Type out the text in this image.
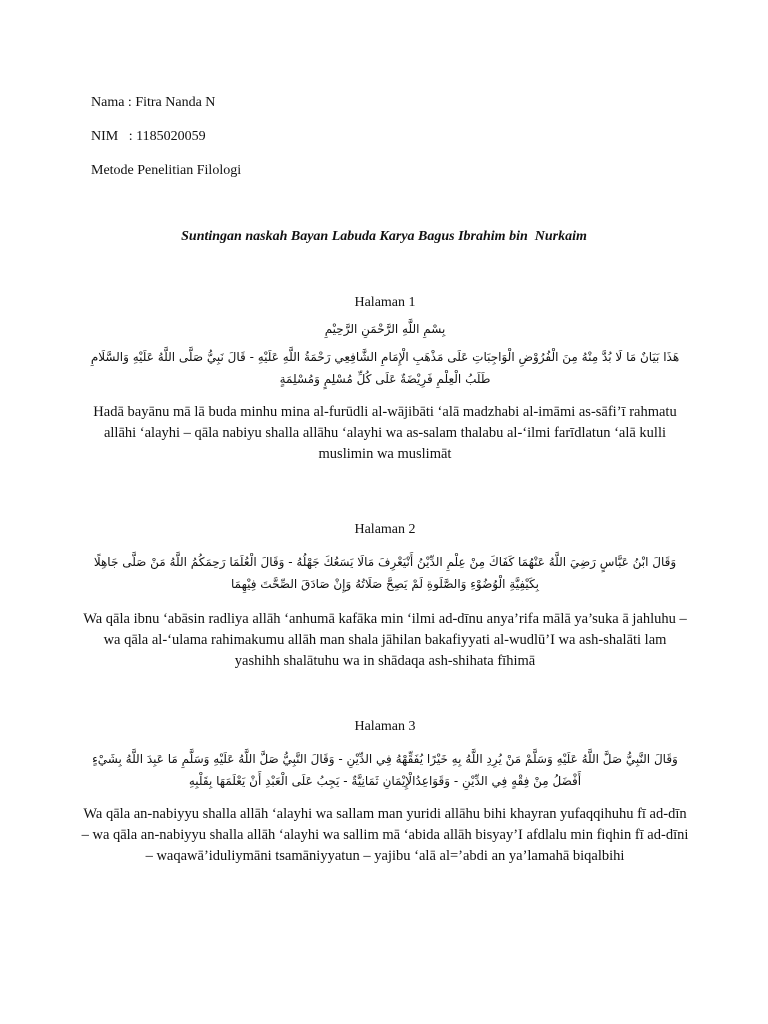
Nama : Fitra Nanda N
NIM   : 1185020059
Metode Penelitian Filologi
Suntingan naskah Bayan Labuda Karya Bagus Ibrahim bin  Nurkaim

Halaman 1

بِسْمِ اللَّهِ الرَّحْمَنِ الرَّحِيْمِ

هَذَا بَيَانٌ مَا لَا بُدَّ مِنْهُ مِنَ الْفُرُوْضِ الْوَاجِبَاتِ عَلَى مَذْهَبِ الْإِمَامِ الشَّافِعِي رَحْمَةُ اللَّهِ عَلَيْهِ - قَالَ نَبِيُّ صَلَّى اللَّهُ عَلَيْهِ وَالسَّلَامِ طَلَبُ الْعِلْمِ فَرِيْضَةٌ عَلَى كُلِّ مُسْلِمٍ وَمُسْلِمَةٍ

Hadā bayānu mā lā buda minhu mina al-furūdli al-wājibāti ‘alā madzhabi al-imāmi as-sāfi’ī rahmatu allāhi ‘alayhi – qāla nabiyu shalla allāhu ‘alayhi wa as-salam thalabu al-‘ilmi farīdlatun ‘alā kulli muslimin wa muslimāt

Halaman 2

وَقَالَ ابْنُ عَبَّاسٍ رَضِيَ اللَّهُ عَنْهُمَا كَفَاكَ مِنْ عِلْمِ الدِّيْنُ أَنْيَعْرِفَ مَالَا يَسَعُكَ جَهْلُهُ - وَقَالَ الْعُلَمَا رَحِمَكُمُ اللَّهُ مَنْ صَلَّى جَاهِلًا بِكَيْفِيَّةِ الْوُضُوْءِ وَالصَّلَوةِ لَمْ يَصِحَّ صَلَاتُهُ وَإِنْ صَادَقَ الصِّحَّتَ فِيْهِمَا

Wa qāla ibnu ‘abāsin radliya allāh ‘anhumā kafāka min ‘ilmi ad-dīnu anya’rifa mālā ya’suka ā jahluhu – wa qāla al-‘ulama rahimakumu allāh man shala jāhilan bakafiyyati al-wudlū’I wa ash-shalāti lam yashihh shalātuhu wa in shādaqa ash-shihata fīhimā

Halaman 3

وَقَالَ النَّبِيُّ صَلَّ اللَّهُ عَلَيْهِ وَسَلَّمْ مَنْ يُرِدِ اللَّهُ بِهِ خَيْرًا يُفَقِّهْهُ فِي الدِّيْنِ - وَقَالَ النَّبِيُّ صَلَّ اللَّهُ عَلَيْهِ وَسَلَّمِ مَا عَبِدَ اللَّهُ بِشَيْءٍ أَفْضَلُ مِنْ فِقْهٍ فِي الدِّيْنِ - وَقَوَاعِدُالْإِيْمَانِ ثَمَانِيَّةٌ - يَجِبُ عَلَى الْعَبْدِ أَنْ يَعْلَمَهَا بِقَلْبِهِ

Wa qāla an-nabiyyu shalla allāh ‘alayhi wa sallam man yuridi allāhu bihi khayran yufaqqihuhu fī ad-dīn – wa qāla an-nabiyyu shalla allāh ‘alayhi wa sallim mā ‘abida allāh bisyay’I afdlalu min fiqhin fī ad-dīni – waqawā’iduliymāni tsamāniyyatun – yajibu ‘alā al=’abdi an ya’lamahā biqalbihi
